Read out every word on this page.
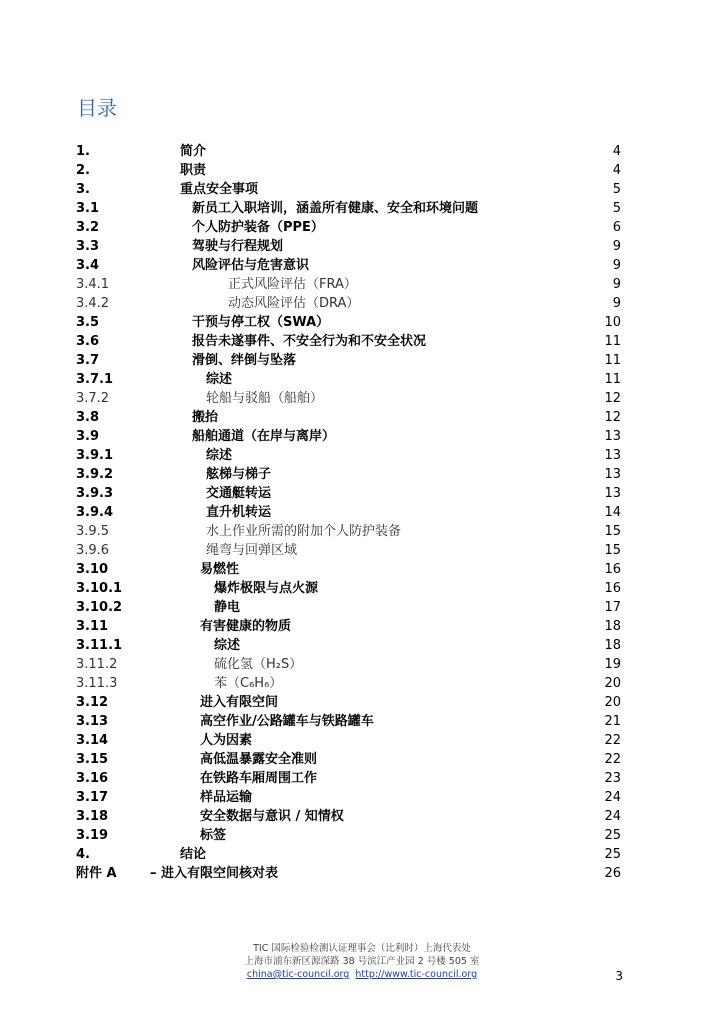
目录
1.	简介	4
2.	职责	4
3.	重点安全事项	5
3.1	新员工入职培训，涵盖所有健康、安全和环境问题	5
3.2	个人防护装备（PPE）	6
3.3	驾驶与行程规划	9
3.4	风险评估与危害意识	9
3.4.1	正式风险评估（FRA）	9
3.4.2	动态风险评估（DRA）	9
3.5	干预与停工权（SWA）	10
3.6	报告未遂事件、不安全行为和不安全状况	11
3.7	滑倒、绊倒与坠落	11
3.7.1	综述	11
3.7.2	轮船与驳船（船舶）	12
3.8	搬抬	12
3.9	船舶通道（在岸与离岸）	13
3.9.1	综述	13
3.9.2	舷梯与梯子	13
3.9.3	交通艇转运	13
3.9.4	直升机转运	14
3.9.5	水上作业所需的附加个人防护装备	15
3.9.6	绳弯与回弹区域	15
3.10	易燃性	16
3.10.1	爆炸极限与点火源	16
3.10.2	静电	17
3.11	有害健康的物质	18
3.11.1	综述	18
3.11.2	硫化氢（H₂S）	19
3.11.3	苯（C₆H₆）	20
3.12	进入有限空间	20
3.13	高空作业/公路罐车与铁路罐车	21
3.14	人为因素	22
3.15	高低温暴露安全准则	22
3.16	在铁路车厢周围工作	23
3.17	样品运输	24
3.18	安全数据与意识 / 知情权	24
3.19	标签	25
4.	结论	25
附件 A	– 进入有限空间核对表	26
TIC 国际检验检测认证理事会（比利时）上海代表处
上海市浦东新区源深路 38 号滨江产业园 2 号楼 505 室
china@tic-council.org http://www.tic-council.org	3
